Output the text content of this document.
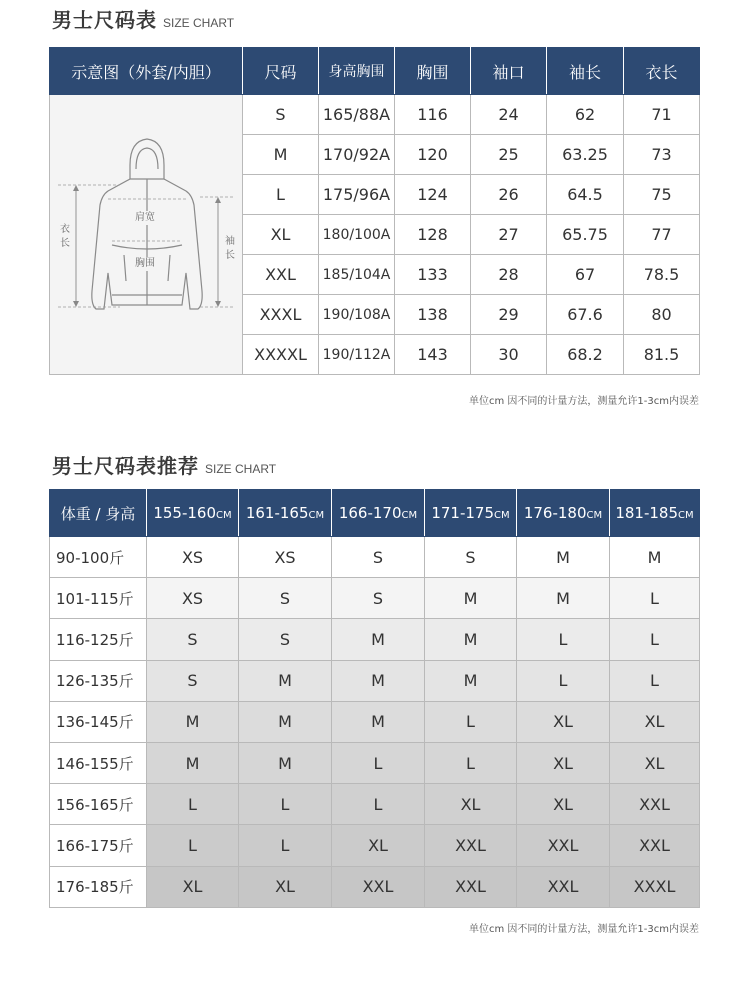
男士尺码表 SIZE CHART
示意图（外套/内胆）	尺码	身高胸围	胸围	袖口	袖长	衣长

衣长
肩宽
胸围
袖长	S	165/88A	116	24	62	71
	M	170/92A	120	25	63.25	73
	L	175/96A	124	26	64.5	75
	XL	180/100A	128	27	65.75	77
	XXL	185/104A	133	28	67	78.5
	XXXL	190/108A	138	29	67.6	80
	XXXXL	190/112A	143	30	68.2	81.5
单位cm 因不同的计量方法，测量允许1-3cm内误差
男士尺码表推荐 SIZE CHART
体重 / 身高	155-160CM	161-165CM	166-170CM	171-175CM	176-180CM	181-185CM
90-100斤	XS	XS	S	S	M	M
101-115斤	XS	S	S	M	M	L
116-125斤	S	S	M	M	L	L
126-135斤	S	M	M	M	L	L
136-145斤	M	M	M	L	XL	XL
146-155斤	M	M	L	L	XL	XL
156-165斤	L	L	L	XL	XL	XXL
166-175斤	L	L	XL	XXL	XXL	XXL
176-185斤	XL	XL	XXL	XXL	XXL	XXXL
单位cm 因不同的计量方法，测量允许1-3cm内误差
